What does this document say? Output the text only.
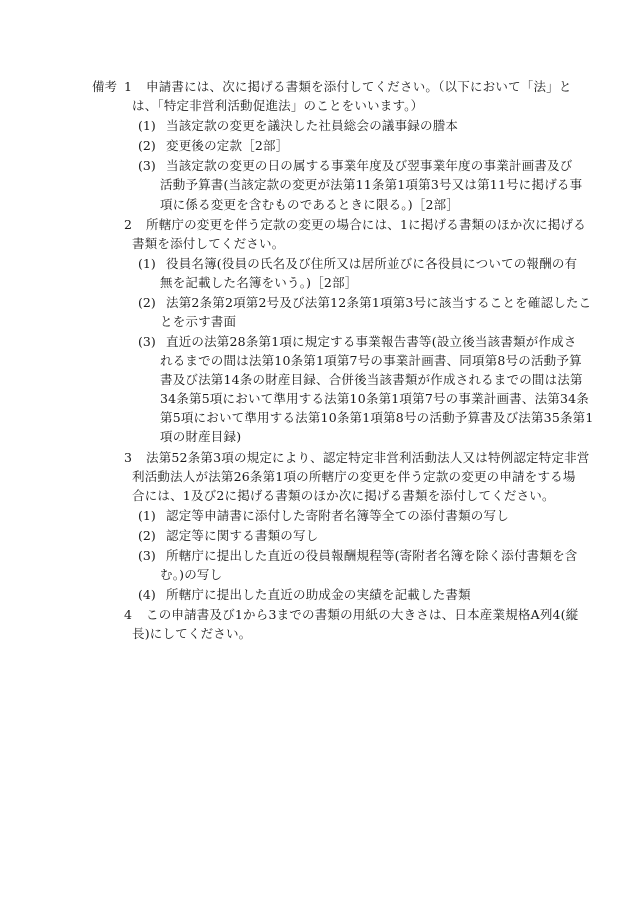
備考 1 申請書には、次に掲げる書類を添付してください。（以下において「法」と
は、「特定非営利活動促進法」のことをいいます。）
(1) 当該定款の変更を議決した社員総会の議事録の謄本
(2) 変更後の定款［2部］
(3) 当該定款の変更の日の属する事業年度及び翌事業年度の事業計画書及び
活動予算書(当該定款の変更が法第11条第1項第3号又は第11号に掲げる事
項に係る変更を含むものであるときに限る。)［2部］
2 所轄庁の変更を伴う定款の変更の場合には、1に掲げる書類のほか次に掲げる
書類を添付してください。
(1) 役員名簿(役員の氏名及び住所又は居所並びに各役員についての報酬の有
無を記載した名簿をいう。)［2部］
(2) 法第2条第2項第2号及び法第12条第1項第3号に該当することを確認したこ
とを示す書面
(3) 直近の法第28条第1項に規定する事業報告書等(設立後当該書類が作成さ
れるまでの間は法第10条第1項第7号の事業計画書、同項第8号の活動予算
書及び法第14条の財産目録、合併後当該書類が作成されるまでの間は法第
34条第5項において準用する法第10条第1項第7号の事業計画書、法第34条
第5項において準用する法第10条第1項第8号の活動予算書及び法第35条第1
項の財産目録)
3 法第52条第3項の規定により、認定特定非営利活動法人又は特例認定特定非営
利活動法人が法第26条第1項の所轄庁の変更を伴う定款の変更の申請をする場
合には、1及び2に掲げる書類のほか次に掲げる書類を添付してください。
(1) 認定等申請書に添付した寄附者名簿等全ての添付書類の写し
(2) 認定等に関する書類の写し
(3) 所轄庁に提出した直近の役員報酬規程等(寄附者名簿を除く添付書類を含
む。)の写し
(4) 所轄庁に提出した直近の助成金の実績を記載した書類
4 この申請書及び1から3までの書類の用紙の大きさは、日本産業規格A列4(縦
長)にしてください。
